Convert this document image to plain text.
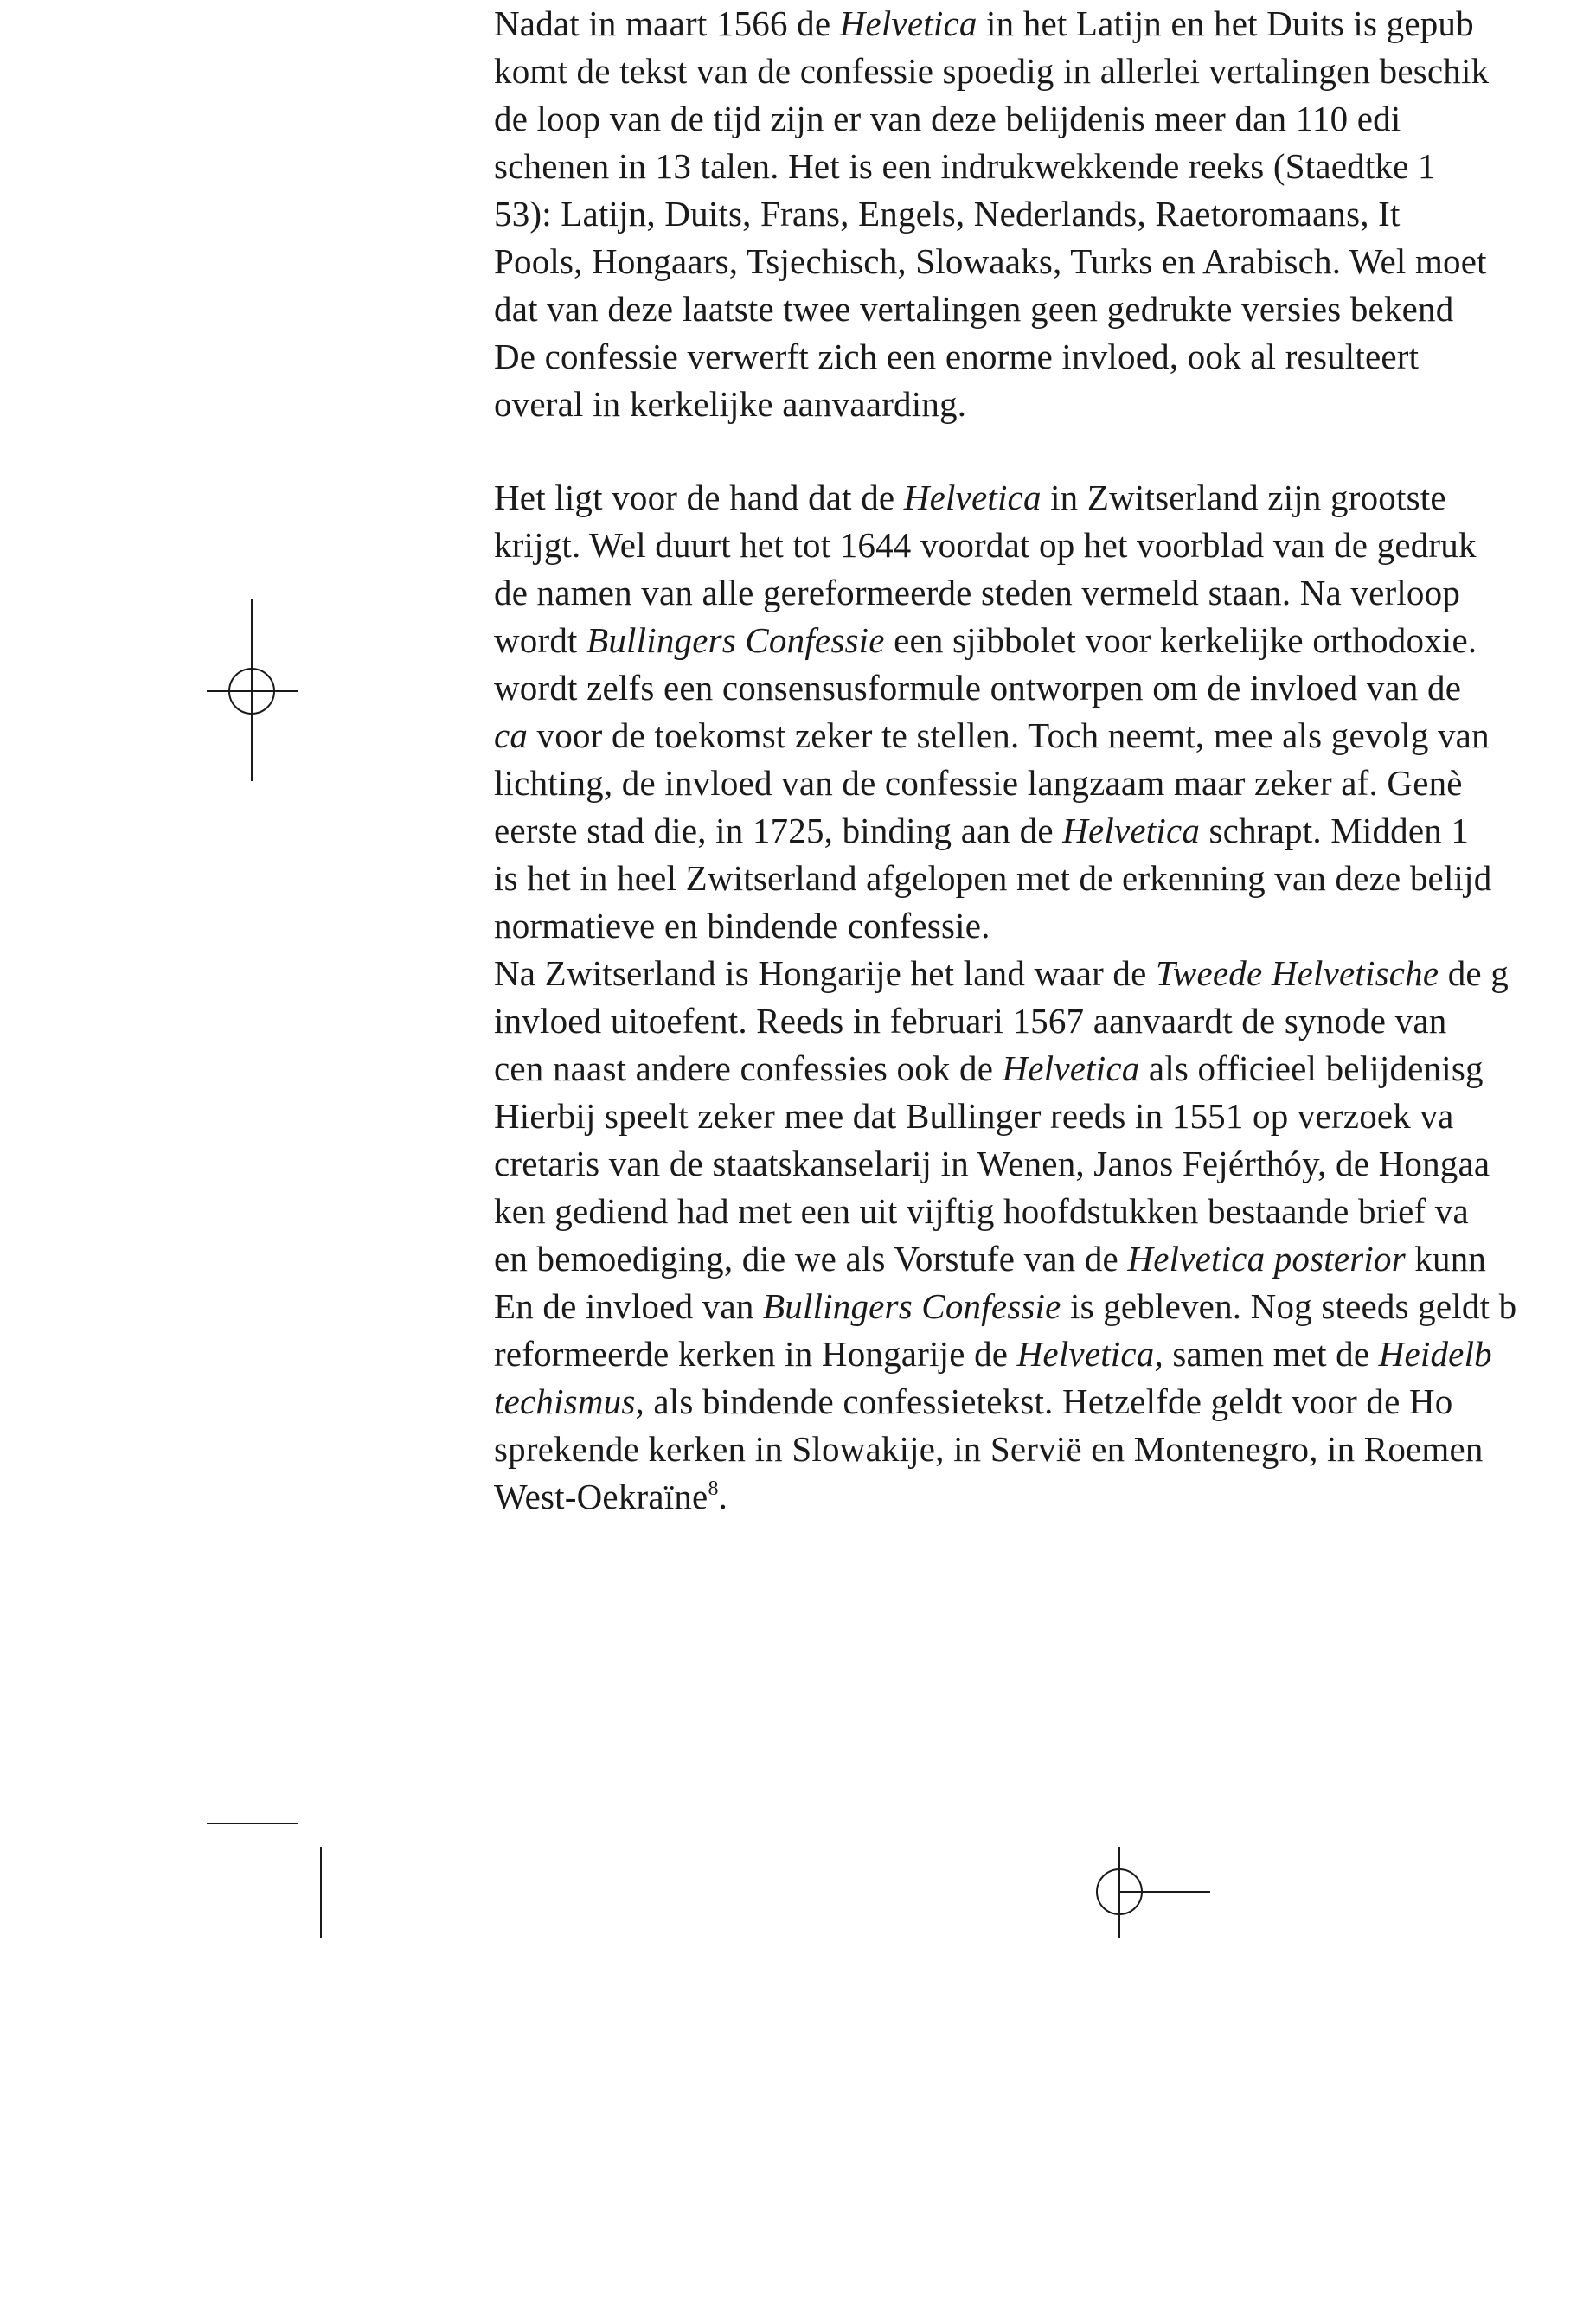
Nadat in maart 1566 de Helvetica in het Latijn en het Duits is gepub
komt de tekst van de confessie spoedig in allerlei vertalingen beschik
de loop van de tijd zijn er van deze belijdenis meer dan 110 edi
schenen in 13 talen. Het is een indrukwekkende reeks (Staedtke 1
53): Latijn, Duits, Frans, Engels, Nederlands, Raetoromaans, It
Pools, Hongaars, Tsjechisch, Slowaaks, Turks en Arabisch. Wel moet
dat van deze laatste twee vertalingen geen gedrukte versies bekend
De confessie verwerft zich een enorme invloed, ook al resulteert
overal in kerkelijke aanvaarding.
Het ligt voor de hand dat de Helvetica in Zwitserland zijn grootste
krijgt. Wel duurt het tot 1644 voordat op het voorblad van de gedruk
de namen van alle gereformeerde steden vermeld staan. Na verloop
wordt Bullingers Confessie een sjibbolet voor kerkelijke orthodoxie.
wordt zelfs een consensusformule ontworpen om de invloed van de
ca voor de toekomst zeker te stellen. Toch neemt, mee als gevolg van
lichting, de invloed van de confessie langzaam maar zeker af. Genè
eerste stad die, in 1725, binding aan de Helvetica schrapt. Midden 1
is het in heel Zwitserland afgelopen met de erkenning van deze belijd
normatieve en bindende confessie.
Na Zwitserland is Hongarije het land waar de Tweede Helvetische de g
invloed uitoefent. Reeds in februari 1567 aanvaardt de synode van
cen naast andere confessies ook de Helvetica als officieel belijdenisg
Hierbij speelt zeker mee dat Bullinger reeds in 1551 op verzoek va
cretaris van de staatskanselarij in Wenen, Janos Fejérthóy, de Hongaa
ken gediend had met een uit vijftig hoofdstukken bestaande brief va
en bemoediging, die we als Vorstufe van de Helvetica posterior kunn
En de invloed van Bullingers Confessie is gebleven. Nog steeds geldt b
reformeerde kerken in Hongarije de Helvetica, samen met de Heidelb
techismus, als bindende confessietekst. Hetzelfde geldt voor de Ho
sprekende kerken in Slowakije, in Servië en Montenegro, in Roemen
West-Oekraïne$^8$.
